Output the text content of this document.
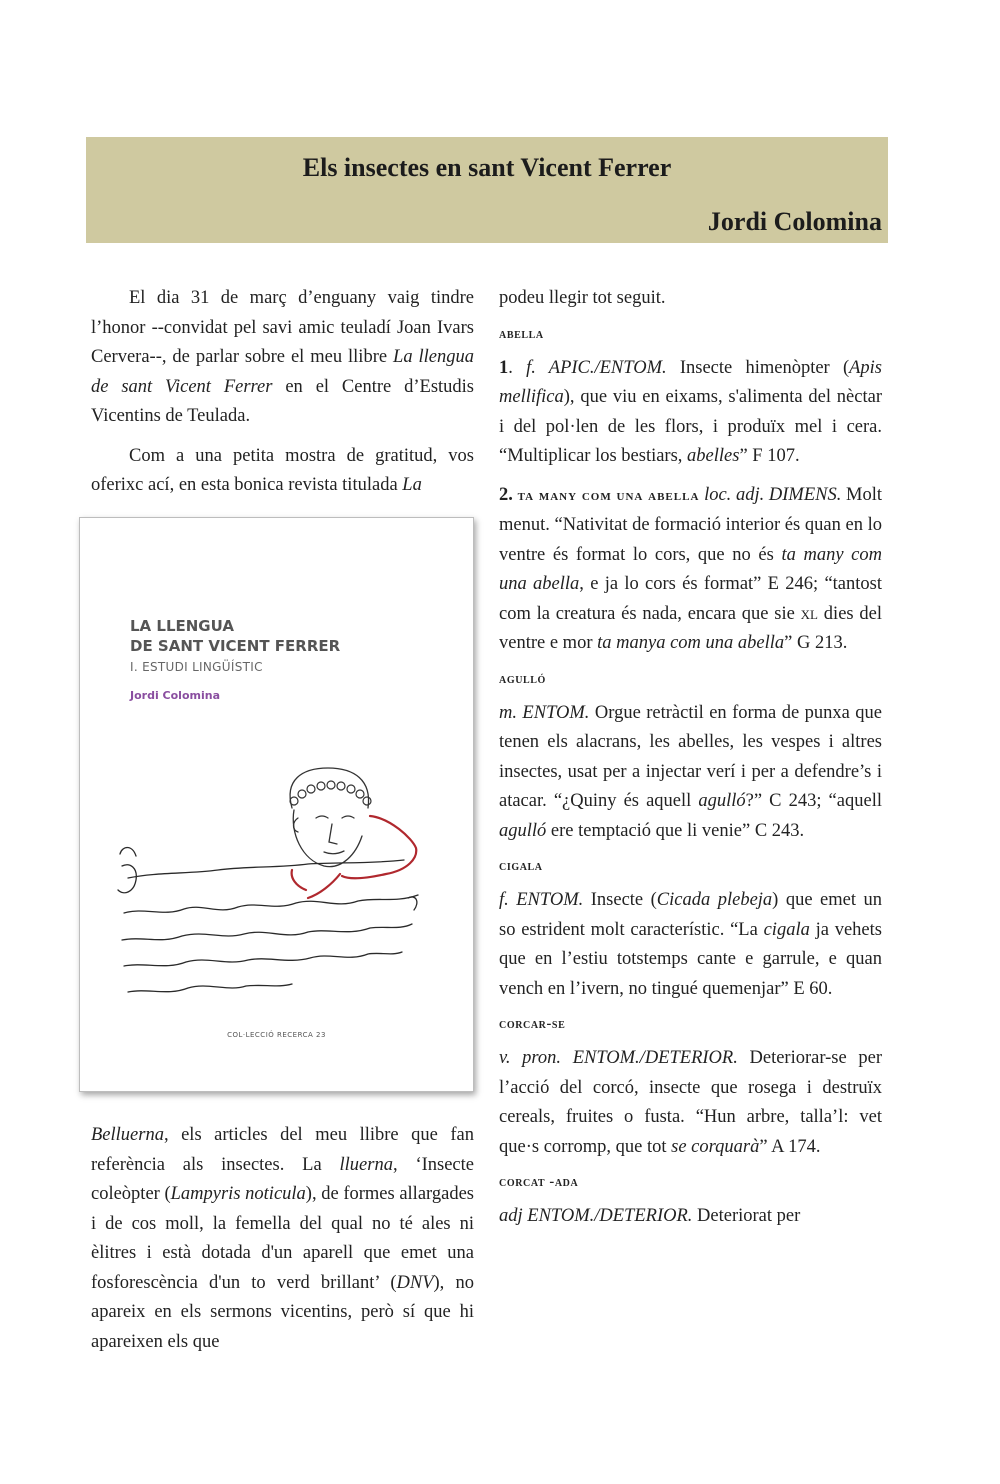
Els insectes en sant Vicent Ferrer
Jordi Colomina

El dia 31 de març d’enguany vaig tindre l’honor --convidat pel savi amic teuladí Joan Ivars Cervera--, de parlar sobre el meu llibre La llengua de sant Vicent Ferrer en el Centre d’Estudis Vicentins de Teulada.

Com a una petita mostra de gratitud, vos oferixc ací, en esta bonica revista titulada La

LA LLENGUA
DE SANT VICENT FERRER
I. ESTUDI LINGÜÍSTIC
Jordi Colomina
COL·LECCIÓ RECERCA 23

Belluerna, els articles del meu llibre que fan referència als insectes. La lluerna, ‘Insecte coleòpter (Lampyris noticula), de formes allargades i de cos moll, la femella del qual no té ales ni èlitres i està dotada d'un aparell que emet una fosforescència d'un to verd brillant’ (DNV), no apareix en els sermons vicentins, però sí que hi apareixen els que

podeu llegir tot seguit.

abella

1. f. APIC./ENTOM. Insecte himenòpter (Apis mellifica), que viu en eixams, s'alimenta del nèctar i del pol·len de les flors, i produïx mel i cera. “Multiplicar los bestiars, abelles” F 107.

2. ta many com una abella loc. adj. DIMENS. Molt menut. “Nativitat de formació interior és quan en lo ventre és format lo cors, que no és ta many com una abella, e ja lo cors és format” E 246; “tantost com la creatura és nada, encara que sie xl dies del ventre e mor ta manya com una abella” G 213.

agulló

m. ENTOM. Orgue retràctil en forma de punxa que tenen els alacrans, les abelles, les vespes i altres insectes, usat per a injectar verí i per a defendre’s i atacar. “¿Quiny és aquell agulló?” C 243; “aquell agulló ere temptació que li venie” C 243.

cigala

f. ENTOM. Insecte (Cicada plebeja) que emet un so estrident molt característic. “La cigala ja vehets que en l’estiu totstemps cante e garrule, e quan vench en l’ivern, no tingué quemenjar” E 60.

corcar-se

v. pron. ENTOM./DETERIOR. Deteriorar-se per l’acció del corcó, insecte que rosega i destruïx cereals, fruites o fusta. “Hun arbre, talla’l: vet que·s corromp, que tot se corquarà” A 174.

corcat -ada

adj ENTOM./DETERIOR. Deteriorat per
